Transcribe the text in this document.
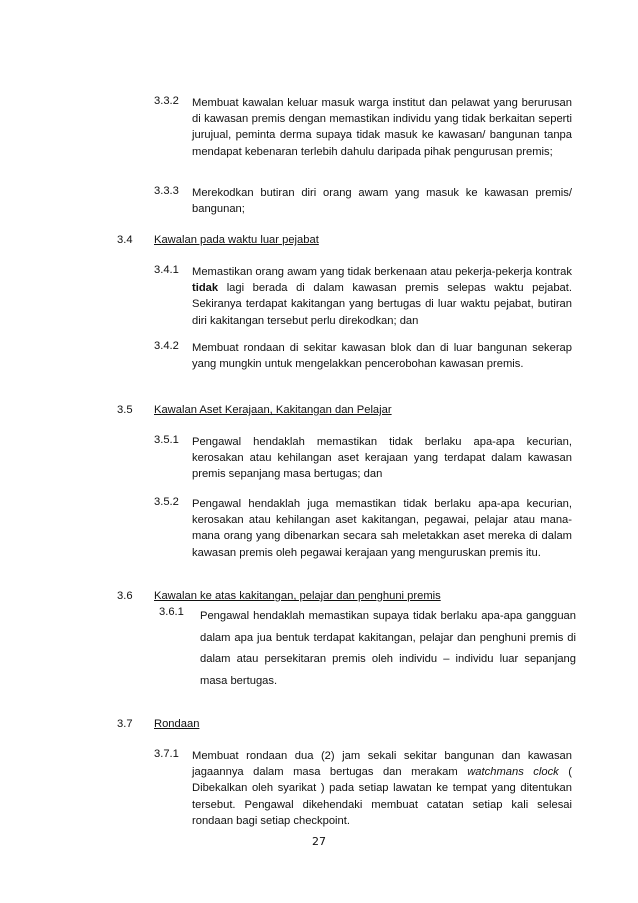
3.3.2 Membuat kawalan keluar masuk warga institut dan pelawat yang berurusan di kawasan premis dengan memastikan individu yang tidak berkaitan seperti jurujual, peminta derma supaya tidak masuk ke kawasan/ bangunan tanpa mendapat kebenaran terlebih dahulu daripada pihak pengurusan premis;
3.3.3 Merekodkan butiran diri orang awam yang masuk ke kawasan premis/ bangunan;
3.4 Kawalan pada waktu luar pejabat
3.4.1 Memastikan orang awam yang tidak berkenaan atau pekerja-pekerja kontrak tidak lagi berada di dalam kawasan premis selepas waktu pejabat. Sekiranya terdapat kakitangan yang bertugas di luar waktu pejabat, butiran diri kakitangan tersebut perlu direkodkan; dan
3.4.2 Membuat rondaan di sekitar kawasan blok dan di luar bangunan sekerap yang mungkin untuk mengelakkan pencerobohan kawasan premis.
3.5 Kawalan Aset Kerajaan, Kakitangan dan Pelajar
3.5.1 Pengawal hendaklah memastikan tidak berlaku apa-apa kecurian, kerosakan atau kehilangan aset kerajaan yang terdapat dalam kawasan premis sepanjang masa bertugas; dan
3.5.2 Pengawal hendaklah juga memastikan tidak berlaku apa-apa kecurian, kerosakan atau kehilangan aset kakitangan, pegawai, pelajar atau mana-mana orang yang dibenarkan secara sah meletakkan aset mereka di dalam kawasan premis oleh pegawai kerajaan yang menguruskan premis itu.
3.6 Kawalan ke atas kakitangan, pelajar dan penghuni premis
3.6.1 Pengawal hendaklah memastikan supaya tidak berlaku apa-apa gangguan dalam apa jua bentuk terdapat kakitangan, pelajar dan penghuni premis di dalam atau persekitaran premis oleh individu – individu luar sepanjang masa bertugas.
3.7 Rondaan
3.7.1 Membuat rondaan dua (2) jam sekali sekitar bangunan dan kawasan jagaannya dalam masa bertugas dan merakam watchmans clock ( Dibekalkan oleh syarikat ) pada setiap lawatan ke tempat yang ditentukan tersebut. Pengawal dikehendaki membuat catatan setiap kali selesai rondaan bagi setiap checkpoint.
27
